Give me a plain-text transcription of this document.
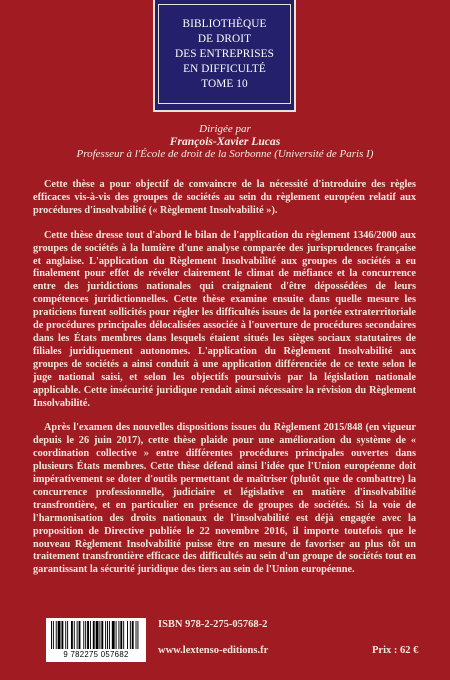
BIBLIOTHÈQUE
DE DROIT
DES ENTREPRISES
EN DIFFICULTÉ
TOME 10
Dirigée par
François-Xavier Lucas
Professeur à l'École de droit de la Sorbonne (Université de Paris I)

Cette thèse a pour objectif de convaincre de la nécessité d'introduire des règles efficaces vis-à-vis des groupes de sociétés au sein du règlement européen relatif aux procédures d'insolvabilité (« Règlement Insolvabilité »).

Cette thèse dresse tout d'abord le bilan de l'application du règlement 1346/2000 aux groupes de sociétés à la lumière d'une analyse comparée des jurisprudences française et anglaise. L'application du Règlement Insolvabilité aux groupes de sociétés a eu finalement pour effet de révéler clairement le climat de méfiance et la concurrence entre des juridictions nationales qui craignaient d'être dépossédées de leurs compétences juridictionnelles. Cette thèse examine ensuite dans quelle mesure les praticiens furent sollicités pour régler les difficultés issues de la portée extraterritoriale de procédures principales délocalisées associée à l'ouverture de procédures secondaires dans les États membres dans lesquels étaient situés les sièges sociaux statutaires de filiales juridiquement autonomes. L'application du Règlement Insolvabilité aux groupes de sociétés a ainsi conduit à une application différenciée de ce texte selon le juge national saisi, et selon les objectifs poursuivis par la législation nationale applicable. Cette insécurité juridique rendait ainsi nécessaire la révision du Règlement Insolvabilité.

Après l'examen des nouvelles dispositions issues du Règlement 2015/848 (en vigueur depuis le 26 juin 2017), cette thèse plaide pour une amélioration du système de « coordination collective » entre différentes procédures principales ouvertes dans plusieurs États membres. Cette thèse défend ainsi l'idée que l'Union européenne doit impérativement se doter d'outils permettant de maîtriser (plutôt que de combattre) la concurrence professionnelle, judiciaire et législative en matière d'insolvabilité transfrontière, et en particulier en présence de groupes de sociétés. Si la voie de l'harmonisation des droits nationaux de l'insolvabilité est déjà engagée avec la proposition de Directive publiée le 22 novembre 2016, il importe toutefois que le nouveau Règlement Insolvabilité puisse être en mesure de favoriser au plus tôt un traitement transfrontière efficace des difficultés au sein d'un groupe de sociétés tout en garantissant la sécurité juridique des tiers au sein de l'Union européenne.

9 782275 057682
ISBN 978-2-275-05768-2
www.lextenso-editions.fr	Prix : 62 €
